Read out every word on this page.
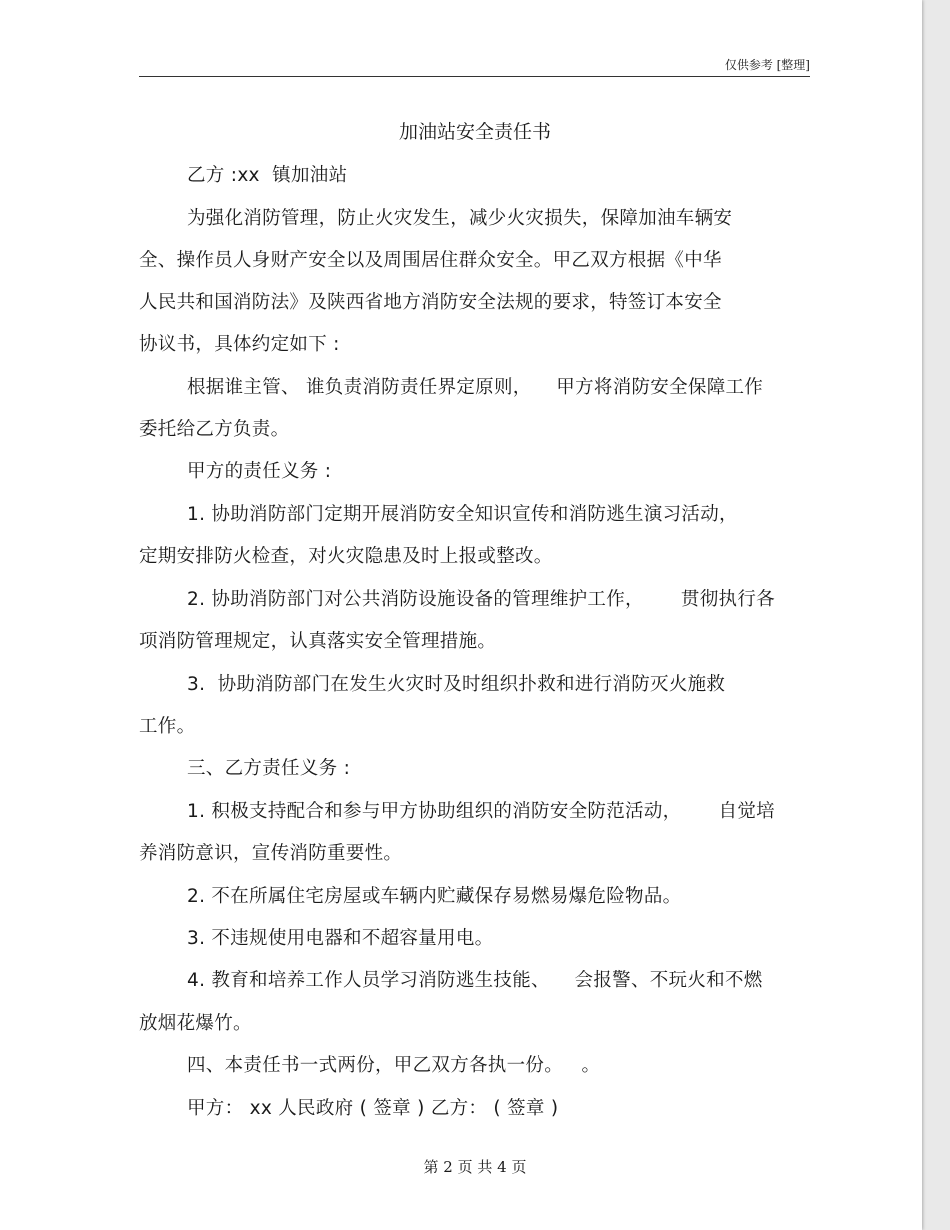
仅供参考 [整理]
加油站安全责任书
乙方 :xx  镇加油站
为强化消防管理，防止火灾发生，减少火灾损失，保障加油车辆安
全、操作员人身财产安全以及周围居住群众安全。甲乙双方根据《中华
人民共和国消防法》及陕西省地方消防安全法规的要求，特签订本安全
协议书，具体约定如下 :
根据谁主管、 谁负责消防责任界定原则，    甲方将消防安全保障工作
委托给乙方负责。
甲方的责任义务 :
1. 协助消防部门定期开展消防安全知识宣传和消防逃生演习活动，
定期安排防火检查，对火灾隐患及时上报或整改。
2. 协助消防部门对公共消防设施设备的管理维护工作，      贯彻执行各
项消防管理规定，认真落实安全管理措施。
3.  协助消防部门在发生火灾时及时组织扑救和进行消防灭火施救
工作。
三、乙方责任义务 :
1. 积极支持配合和参与甲方协助组织的消防安全防范活动，      自觉培
养消防意识，宣传消防重要性。
2. 不在所属住宅房屋或车辆内贮藏保存易燃易爆危险物品。
3. 不违规使用电器和不超容量用电。
4. 教育和培养工作人员学习消防逃生技能、    会报警、不玩火和不燃
放烟花爆竹。
四、本责任书一式两份，甲乙双方各执一份。   。
甲方： xx 人民政府 ( 签章 ) 乙方： ( 签章 )
第 2 页 共 4 页
